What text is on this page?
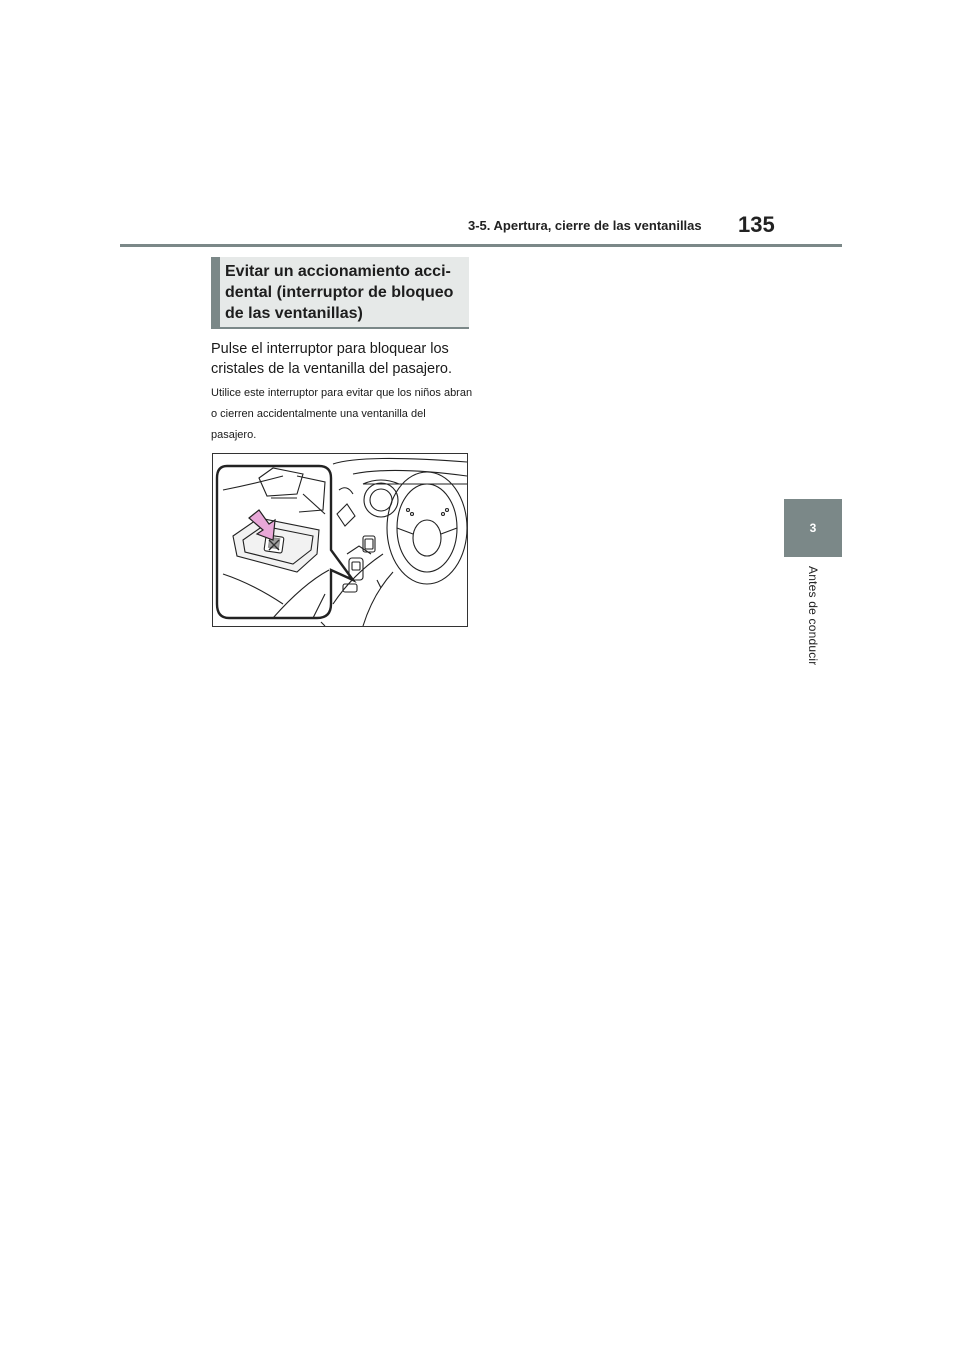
3-5. Apertura, cierre de las ventanillas 135
3
Antes de conducir
Evitar un accionamiento acci-dental (interruptor de bloqueo de las ventanillas)
Pulse el interruptor para bloquear los cristales de la ventanilla del pasajero.
Utilice este interruptor para evitar que los niños abran o cierren accidentalmente una ventanilla del pasajero.
